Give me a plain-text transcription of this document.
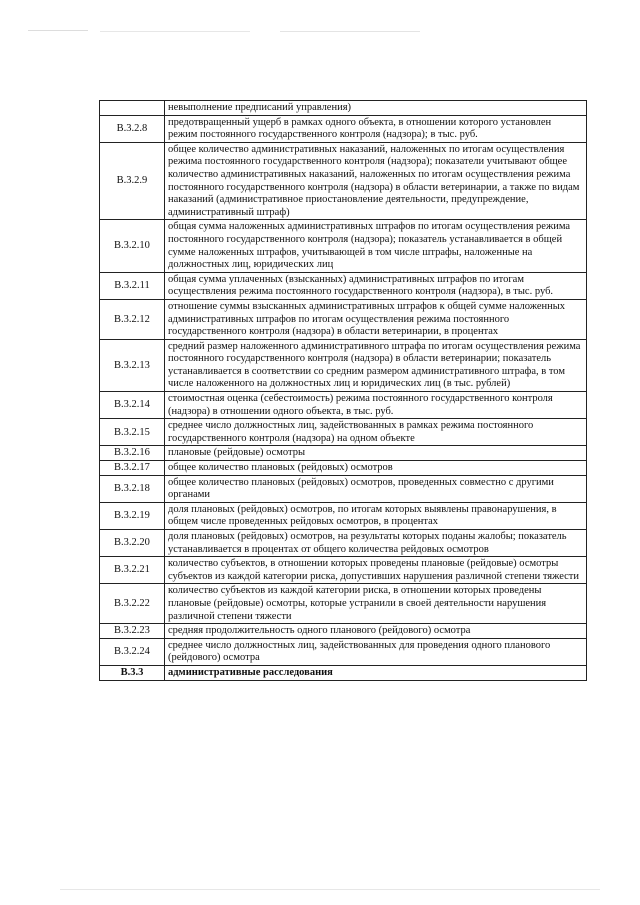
	невыполнение предписаний управления)
В.3.2.8	предотвращенный ущерб в рамках одного объекта, в отношении которого установлен режим постоянного государственного контроля (надзора); в тыс. руб.
В.3.2.9	общее количество административных наказаний, наложенных по итогам осуществления режима постоянного государственного контроля (надзора); показатели учитывают общее количество административных наказаний, наложенных по итогам осуществления режима постоянного государственного контроля (надзора) в области ветеринарии, а также по видам наказаний (административное приостановление деятельности, предупреждение, административный штраф)
В.3.2.10	общая сумма наложенных административных штрафов по итогам осуществления режима постоянного государственного контроля (надзора); показатель устанавливается в общей сумме наложенных штрафов, учитывающей в том числе штрафы, наложенные на должностных лиц, юридических лиц
В.3.2.11	общая сумма уплаченных (взысканных) административных штрафов по итогам осуществления режима постоянного государственного контроля (надзора), в тыс. руб.
В.3.2.12	отношение суммы взысканных административных штрафов к общей сумме наложенных административных штрафов по итогам осуществления режима постоянного государственного контроля (надзора) в области ветеринарии, в процентах
В.3.2.13	средний размер наложенного административного штрафа по итогам осуществления режима постоянного государственного контроля (надзора) в области ветеринарии; показатель устанавливается в соответствии со средним размером административного штрафа, в том числе наложенного на должностных лиц и юридических лиц (в тыс. рублей)
В.3.2.14	стоимостная оценка (себестоимость) режима постоянного государственного контроля (надзора) в отношении одного объекта, в тыс. руб.
В.3.2.15	среднее число должностных лиц, задействованных в рамках режима постоянного государственного контроля (надзора) на одном объекте
В.3.2.16	плановые (рейдовые) осмотры
В.3.2.17	общее количество плановых (рейдовых) осмотров
В.3.2.18	общее количество плановых (рейдовых) осмотров, проведенных совместно с другими органами
В.3.2.19	доля плановых (рейдовых) осмотров, по итогам которых выявлены правонарушения, в общем числе проведенных рейдовых осмотров, в процентах
В.3.2.20	доля плановых (рейдовых) осмотров, на результаты которых поданы жалобы; показатель устанавливается в процентах от общего количества рейдовых осмотров
В.3.2.21	количество субъектов, в отношении которых проведены плановые (рейдовые) осмотры субъектов из каждой категории риска, допустивших нарушения различной степени тяжести
В.3.2.22	количество субъектов из каждой категории риска, в отношении которых проведены плановые (рейдовые) осмотры, которые устранили в своей деятельности нарушения различной степени тяжести
В.3.2.23	средняя продолжительность одного планового (рейдового) осмотра
В.3.2.24	среднее число должностных лиц, задействованных для проведения одного планового (рейдового) осмотра
В.3.3	административные расследования
